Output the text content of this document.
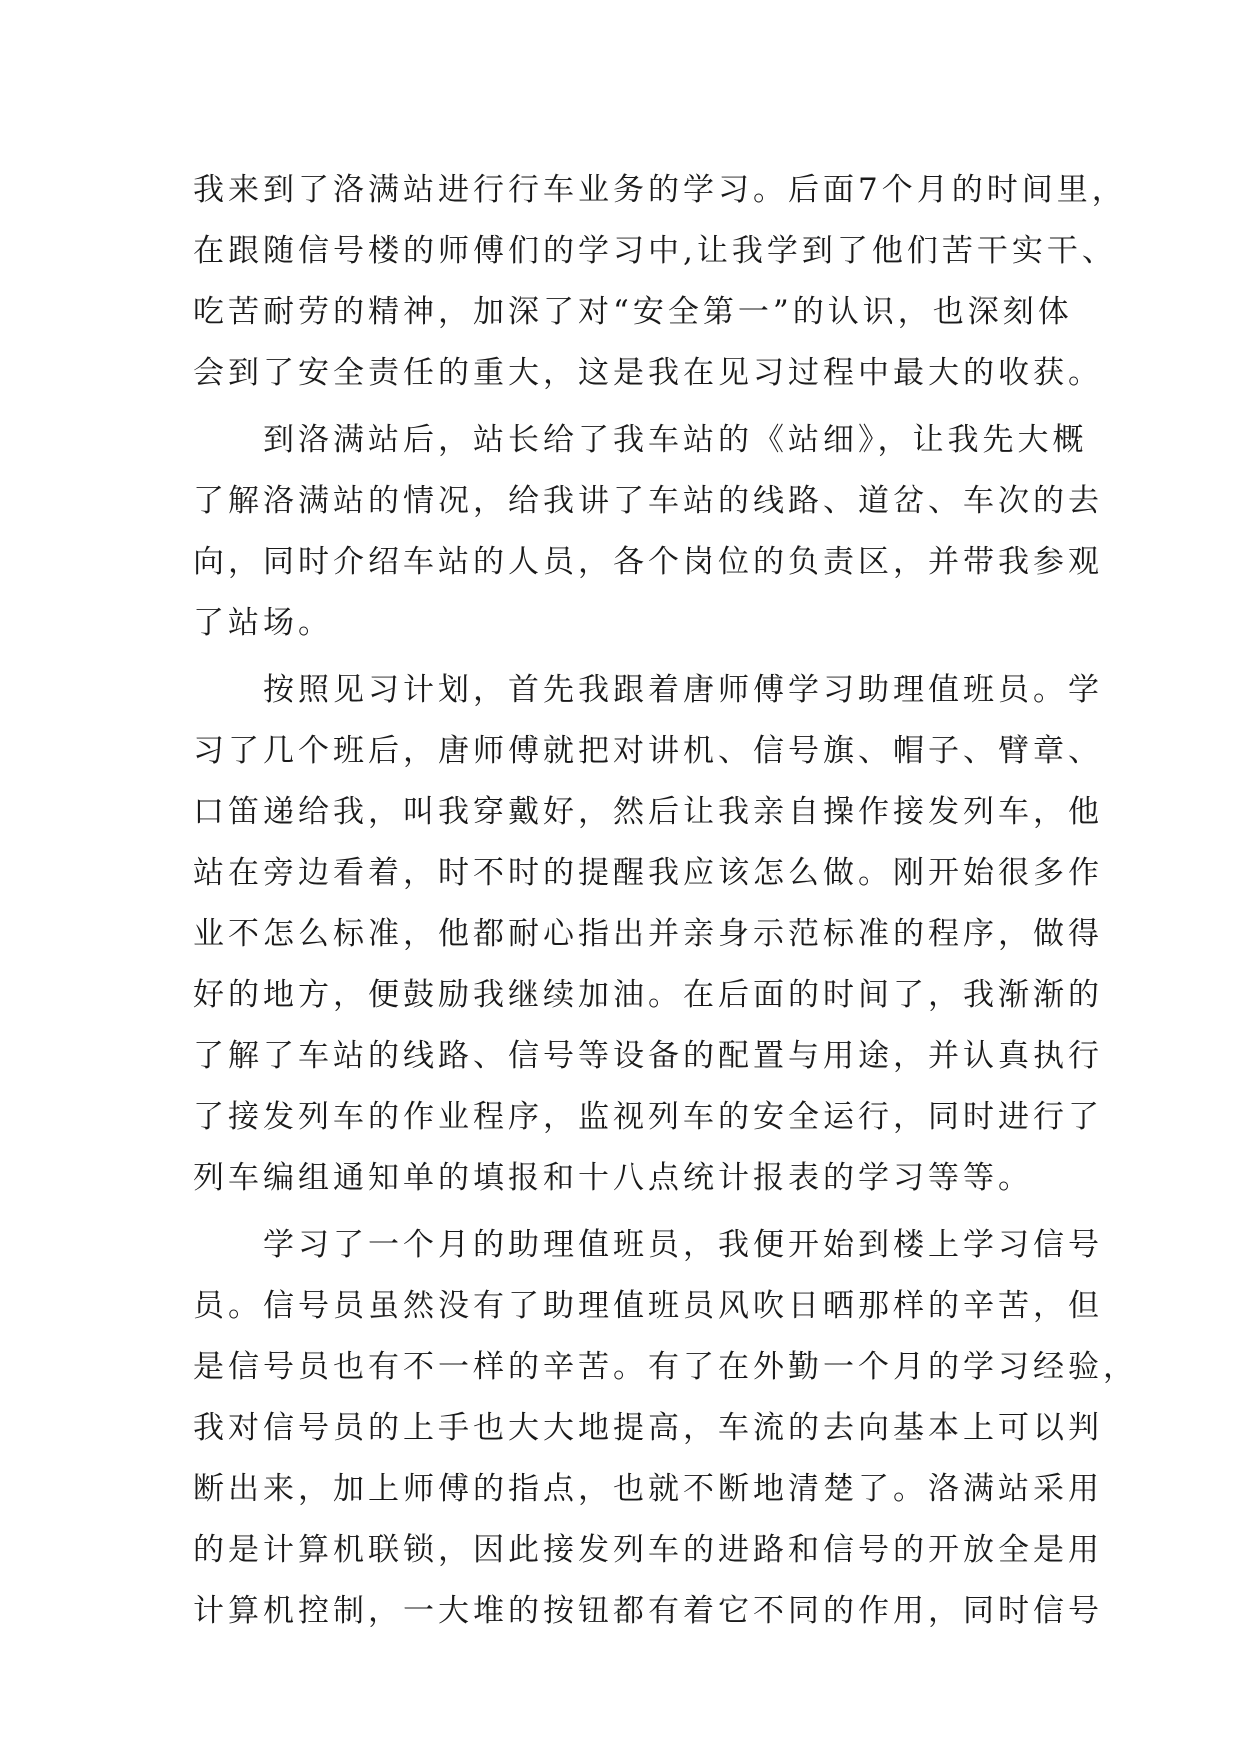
我来到了洛满站进行行车业务的学习。后面7个月的时间里，
在跟随信号楼的师傅们的学习中,让我学到了他们苦干实干、
吃苦耐劳的精神，加深了对“安全第一”的认识，也深刻体
会到了安全责任的重大，这是我在见习过程中最大的收获。
　　到洛满站后，站长给了我车站的《站细》，让我先大概
了解洛满站的情况，给我讲了车站的线路、道岔、车次的去
向，同时介绍车站的人员，各个岗位的负责区，并带我参观
了站场。
　　按照见习计划，首先我跟着唐师傅学习助理值班员。学
习了几个班后，唐师傅就把对讲机、信号旗、帽子、臂章、
口笛递给我，叫我穿戴好，然后让我亲自操作接发列车，他
站在旁边看着，时不时的提醒我应该怎么做。刚开始很多作
业不怎么标准，他都耐心指出并亲身示范标准的程序，做得
好的地方，便鼓励我继续加油。在后面的时间了，我渐渐的
了解了车站的线路、信号等设备的配置与用途，并认真执行
了接发列车的作业程序，监视列车的安全运行，同时进行了
列车编组通知单的填报和十八点统计报表的学习等等。
　　学习了一个月的助理值班员，我便开始到楼上学习信号
员。信号员虽然没有了助理值班员风吹日晒那样的辛苦，但
是信号员也有不一样的辛苦。有了在外勤一个月的学习经验，
我对信号员的上手也大大地提高，车流的去向基本上可以判
断出来，加上师傅的指点，也就不断地清楚了。洛满站采用
的是计算机联锁，因此接发列车的进路和信号的开放全是用
计算机控制，一大堆的按钮都有着它不同的作用，同时信号
